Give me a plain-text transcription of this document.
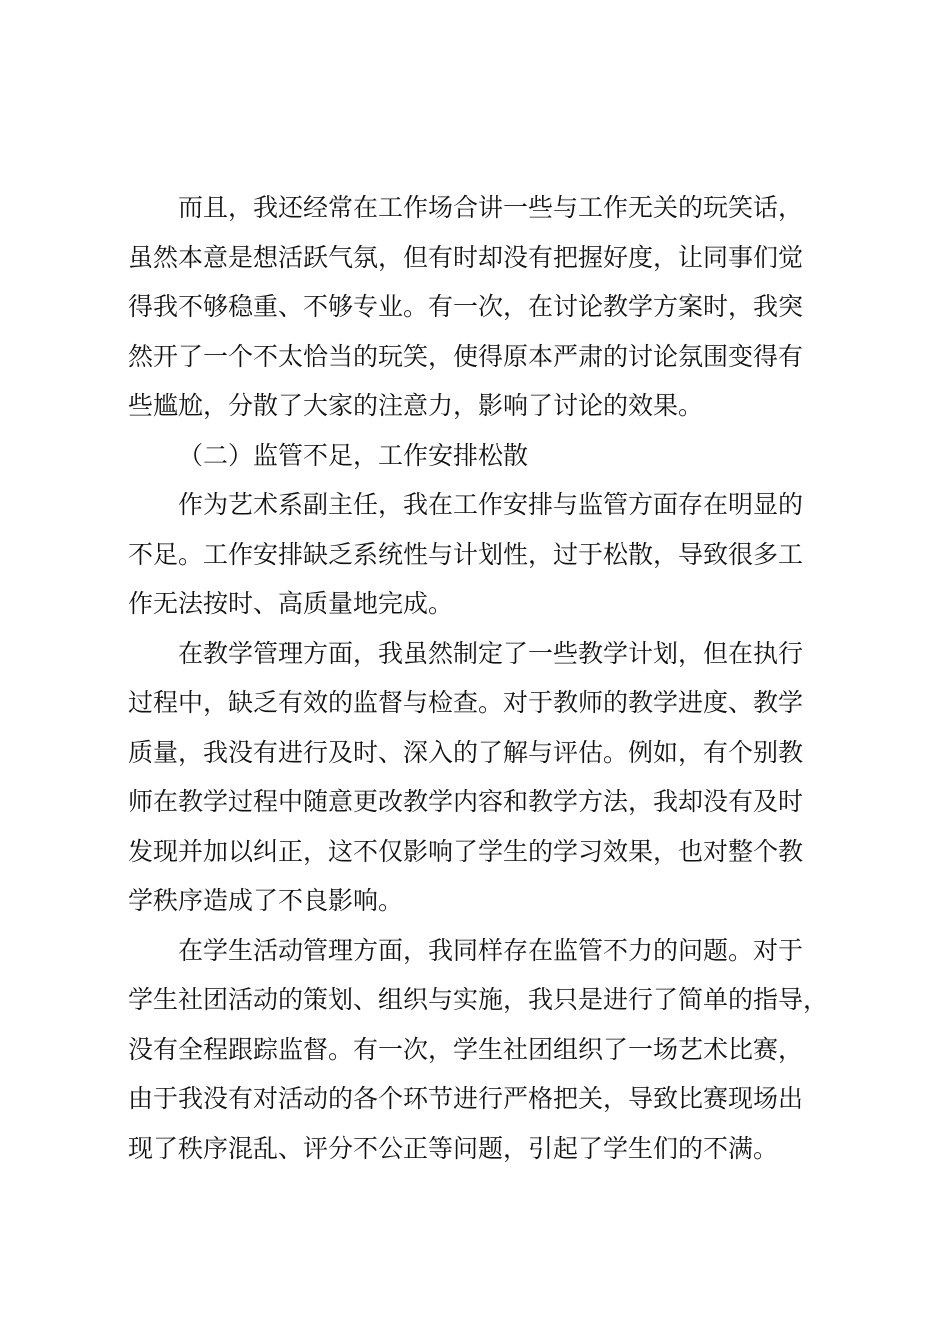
而且，我还经常在工作场合讲一些与工作无关的玩笑话，
虽然本意是想活跃气氛，但有时却没有把握好度，让同事们觉
得我不够稳重、不够专业。有一次，在讨论教学方案时，我突
然开了一个不太恰当的玩笑，使得原本严肃的讨论氛围变得有
些尴尬，分散了大家的注意力，影响了讨论的效果。
（二）监管不足，工作安排松散
作为艺术系副主任，我在工作安排与监管方面存在明显的
不足。工作安排缺乏系统性与计划性，过于松散，导致很多工
作无法按时、高质量地完成。
在教学管理方面，我虽然制定了一些教学计划，但在执行
过程中，缺乏有效的监督与检查。对于教师的教学进度、教学
质量，我没有进行及时、深入的了解与评估。例如，有个别教
师在教学过程中随意更改教学内容和教学方法，我却没有及时
发现并加以纠正，这不仅影响了学生的学习效果，也对整个教
学秩序造成了不良影响。
在学生活动管理方面，我同样存在监管不力的问题。对于
学生社团活动的策划、组织与实施，我只是进行了简单的指导，
没有全程跟踪监督。有一次，学生社团组织了一场艺术比赛，
由于我没有对活动的各个环节进行严格把关，导致比赛现场出
现了秩序混乱、评分不公正等问题，引起了学生们的不满。
